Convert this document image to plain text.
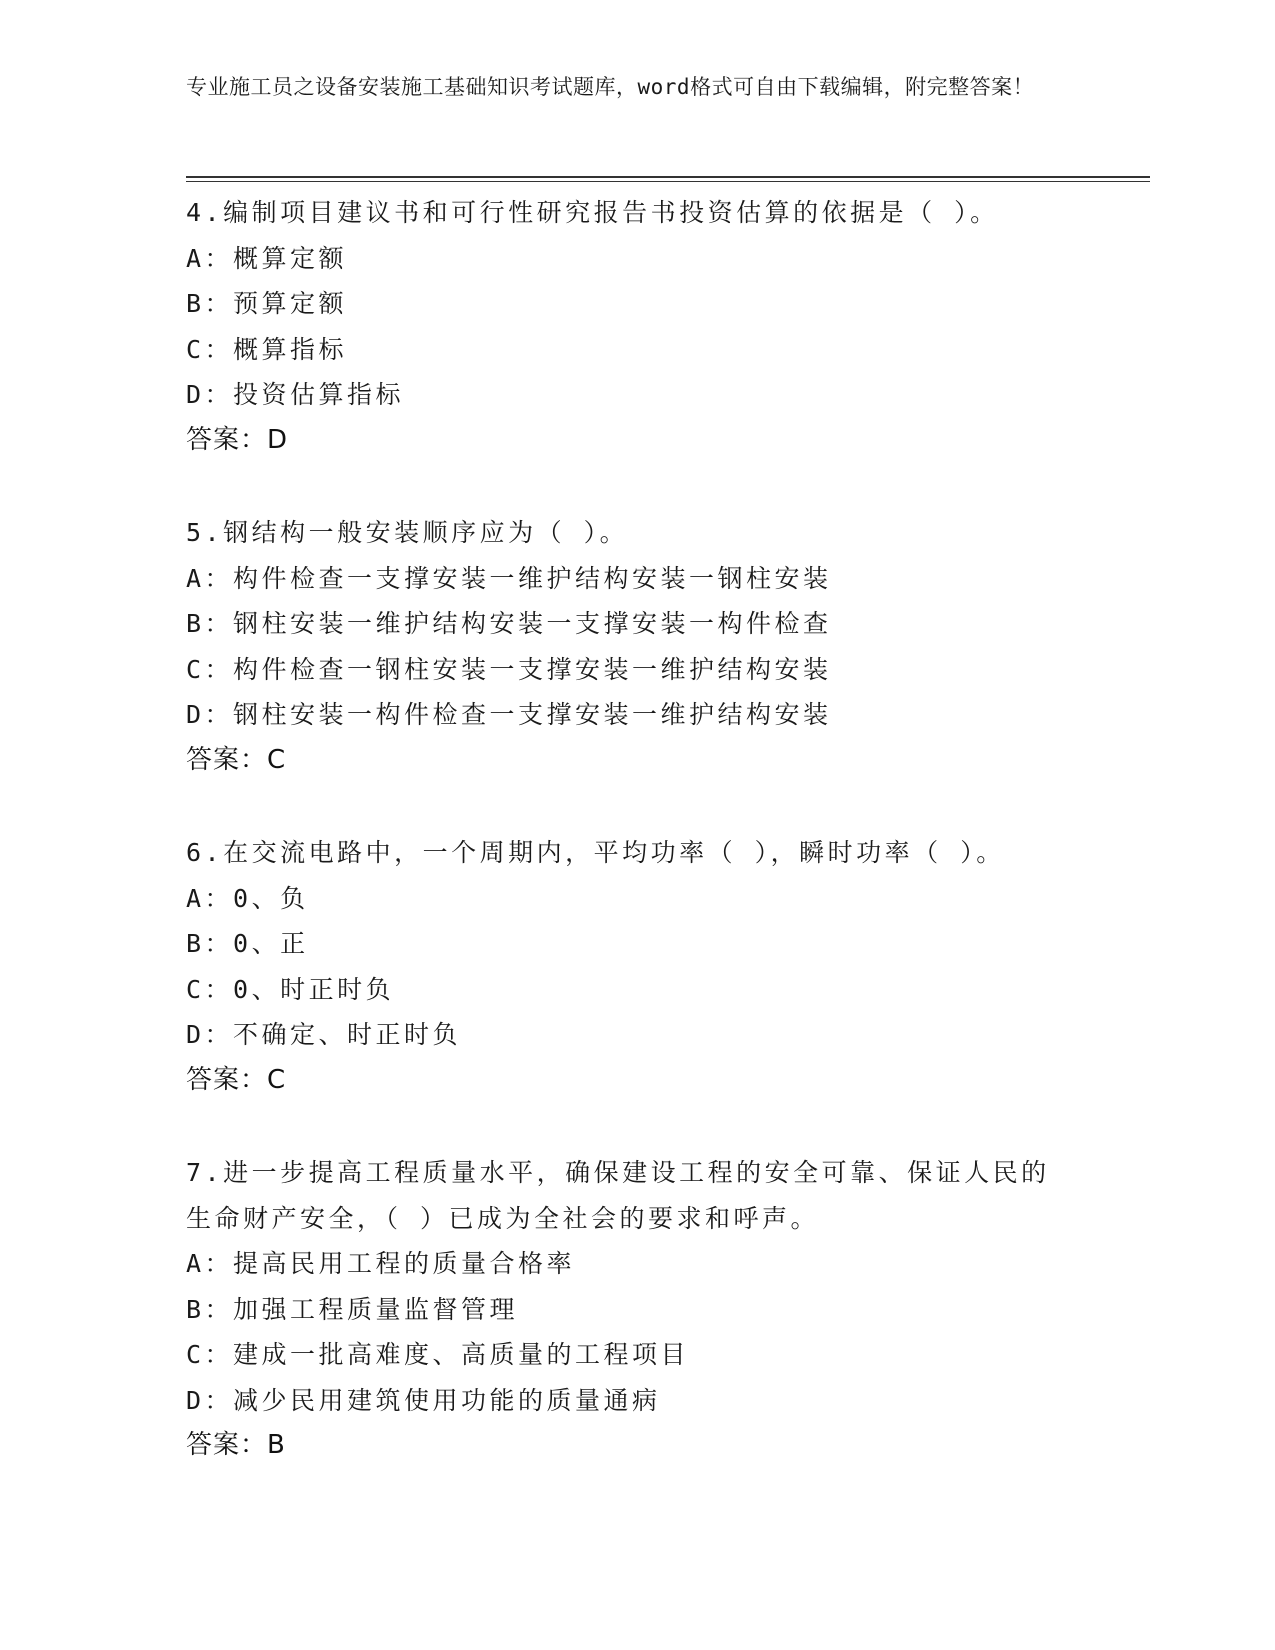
专业施工员之设备安装施工基础知识考试题库，word格式可自由下载编辑，附完整答案！

4.编制项目建议书和可行性研究报告书投资估算的依据是（ ）。

A：概算定额

B：预算定额

C：概算指标

D：投资估算指标

答案：D

5.钢结构一般安装顺序应为（ ）。

A：构件检查一支撑安装一维护结构安装一钢柱安装

B：钢柱安装一维护结构安装一支撑安装一构件检查

C：构件检查一钢柱安装一支撑安装一维护结构安装

D：钢柱安装一构件检查一支撑安装一维护结构安装

答案：C

6.在交流电路中，一个周期内，平均功率（ ），瞬时功率（ ）。

A：0、负

B：0、正

C：0、时正时负

D：不确定、时正时负

答案：C

7.进一步提高工程质量水平，确保建设工程的安全可靠、保证人民的生命财产安全，（ ）已成为全社会的要求和呼声。

A：提高民用工程的质量合格率

B：加强工程质量监督管理

C：建成一批高难度、高质量的工程项目

D：减少民用建筑使用功能的质量通病

答案：B
